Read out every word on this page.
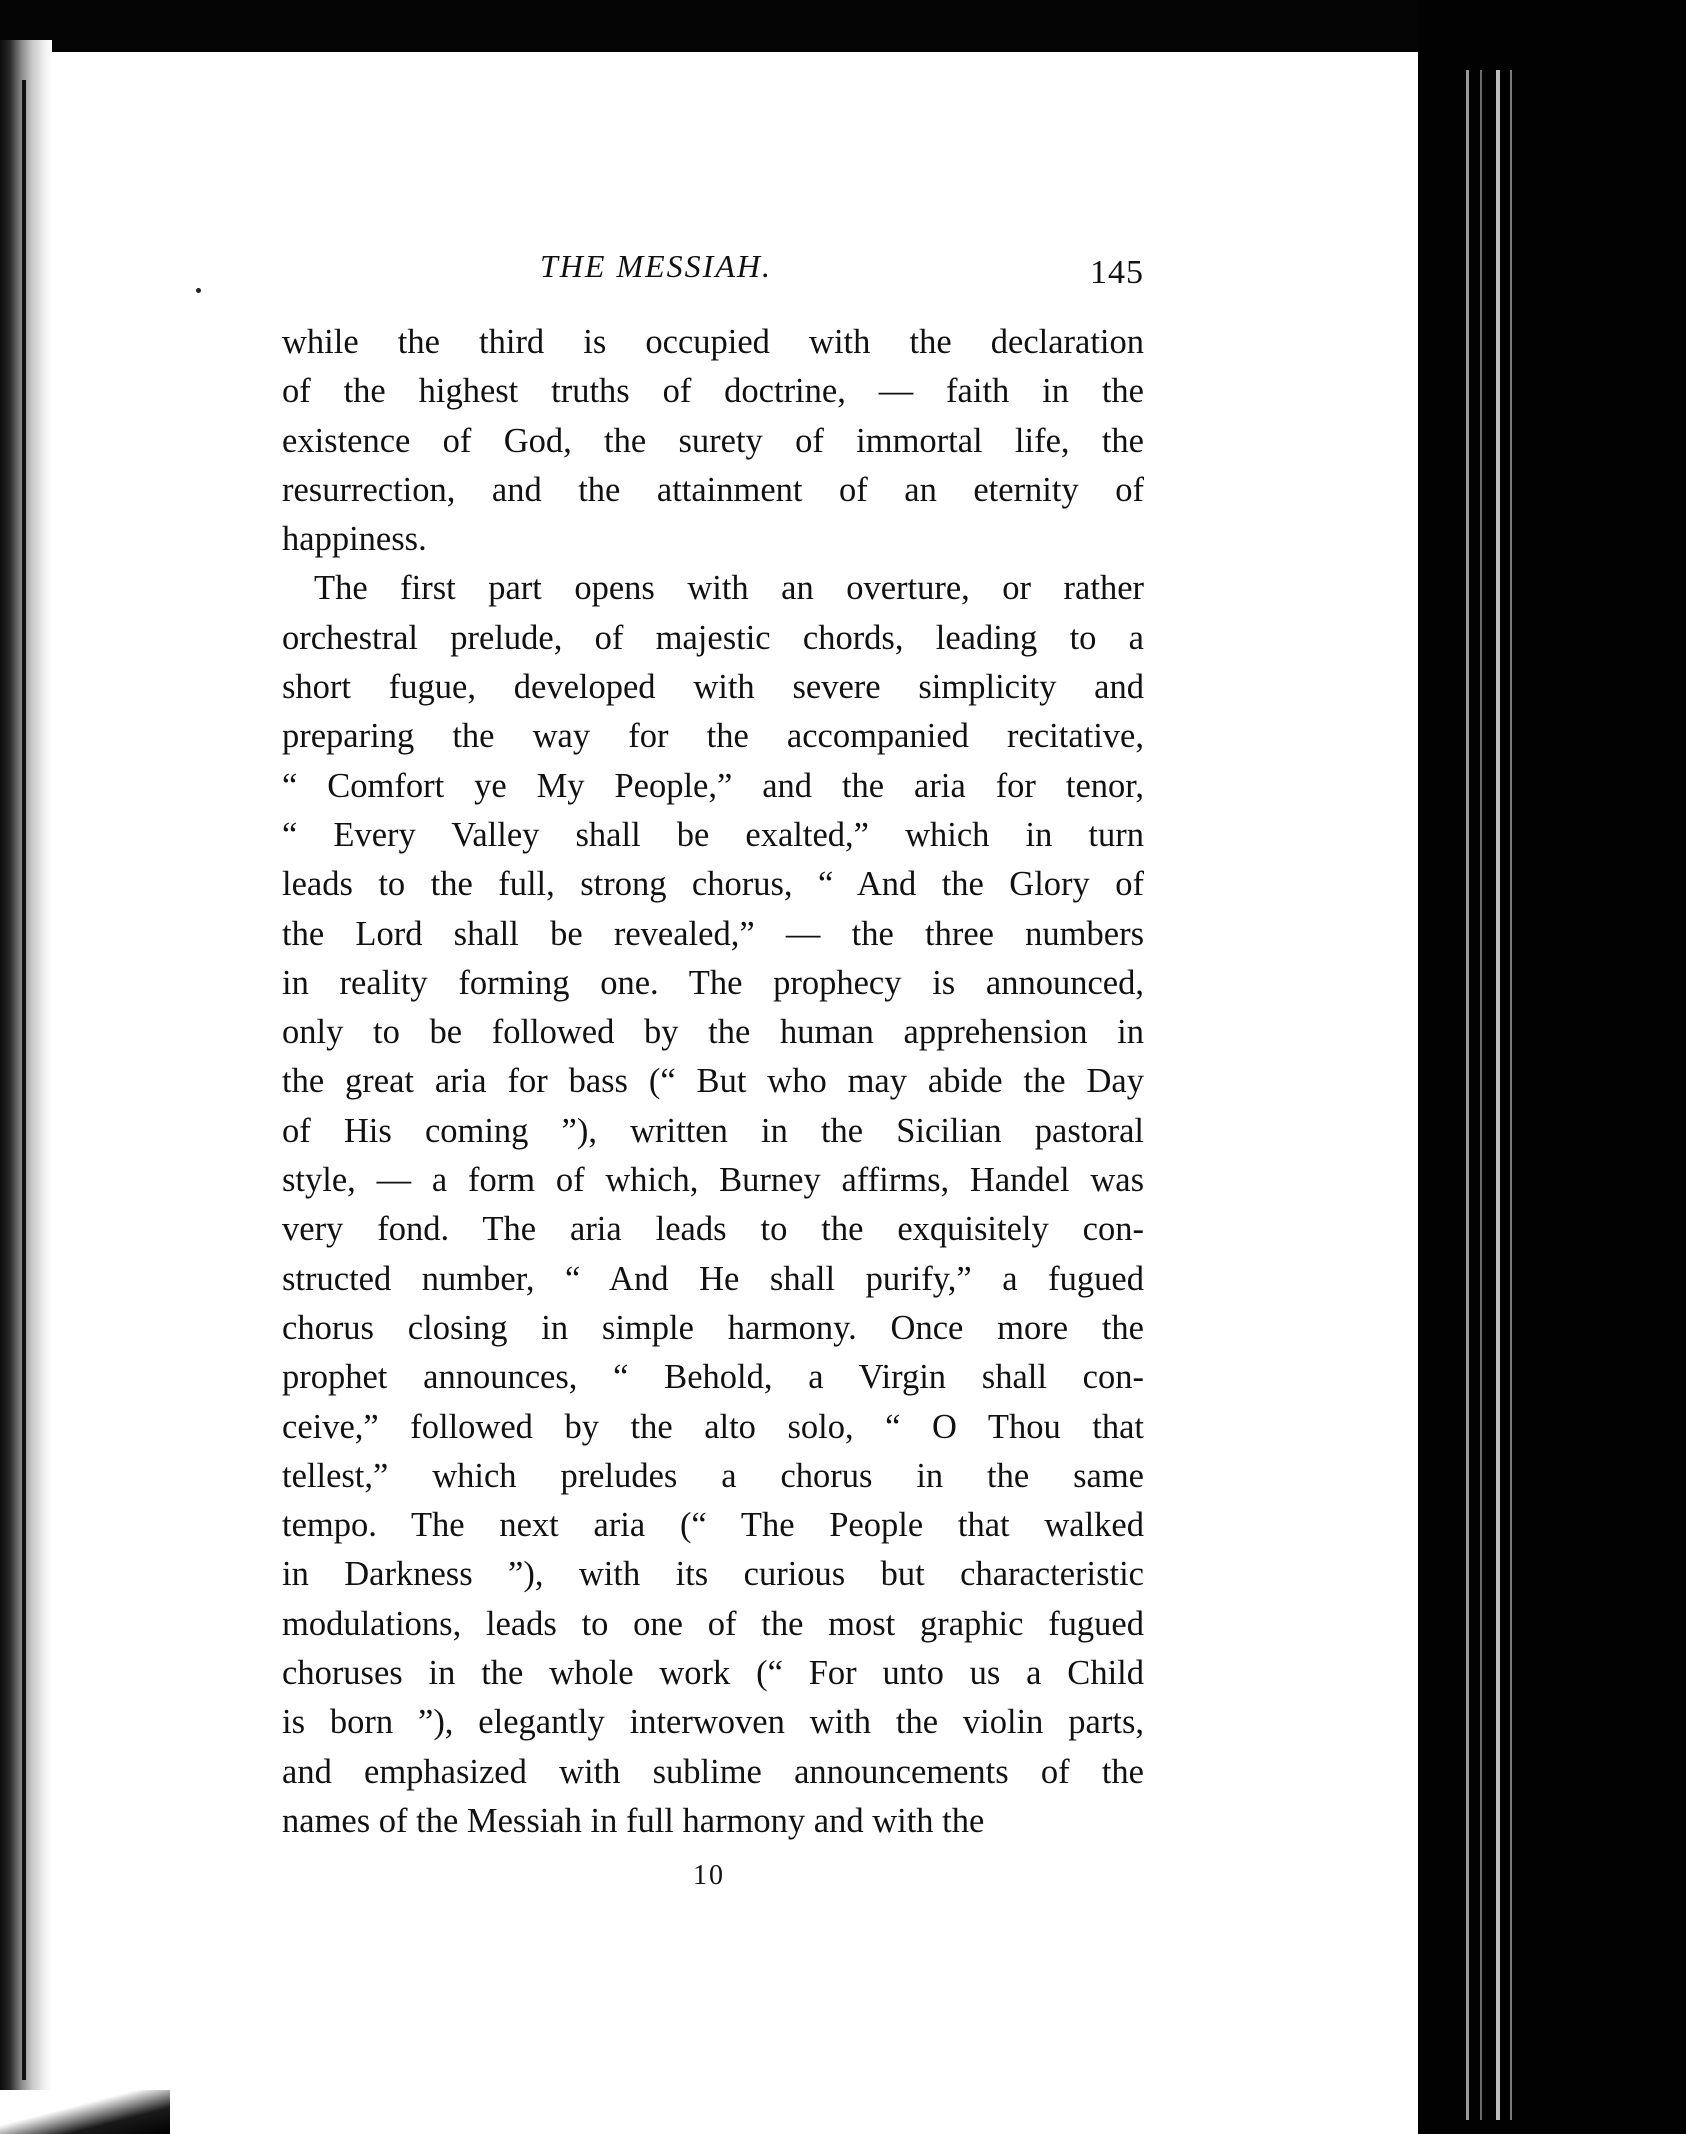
THE MESSIAH.	145
while the third is occupied with the declaration
of the highest truths of doctrine, — faith in the
existence of God, the surety of immortal life, the
resurrection, and the attainment of an eternity of
happiness.
The first part opens with an overture, or rather
orchestral prelude, of majestic chords, leading to a
short fugue, developed with severe simplicity and
preparing the way for the accompanied recitative,
“ Comfort ye My People,” and the aria for tenor,
“ Every Valley shall be exalted,” which in turn
leads to the full, strong chorus, “ And the Glory of
the Lord shall be revealed,” — the three numbers
in reality forming one. The prophecy is announced,
only to be followed by the human apprehension in
the great aria for bass (“ But who may abide the Day
of His coming ”), written in the Sicilian pastoral
style, — a form of which, Burney affirms, Handel was
very fond. The aria leads to the exquisitely con-
structed number, “ And He shall purify,” a fugued
chorus closing in simple harmony. Once more the
prophet announces, “ Behold, a Virgin shall con-
ceive,” followed by the alto solo, “ O Thou that
tellest,” which preludes a chorus in the same
tempo. The next aria (“ The People that walked
in Darkness ”), with its curious but characteristic
modulations, leads to one of the most graphic fugued
choruses in the whole work (“ For unto us a Child
is born ”), elegantly interwoven with the violin parts,
and emphasized with sublime announcements of the
names of the Messiah in full harmony and with the
10
